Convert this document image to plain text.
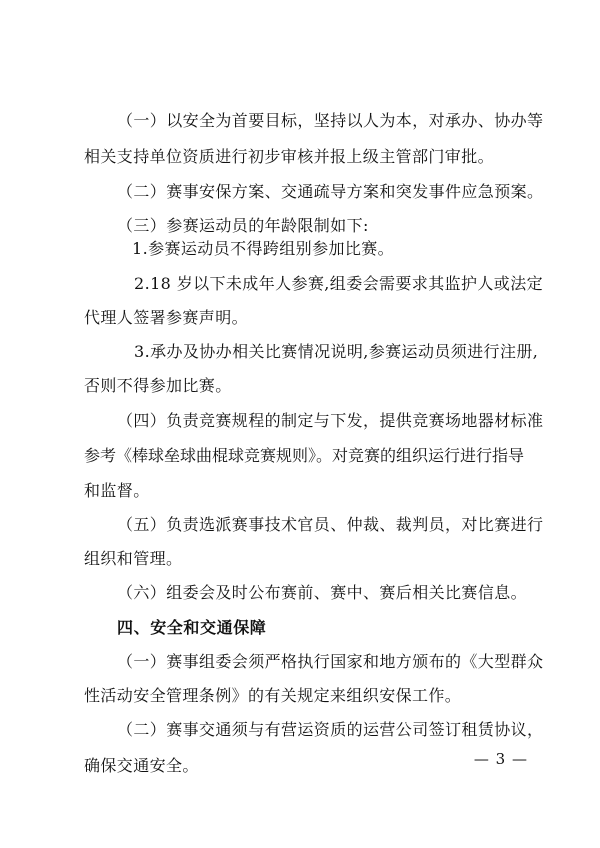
（一）以安全为首要目标，坚持以人为本，对承办、协办等

相关支持单位资质进行初步审核并报上级主管部门审批。

（二）赛事安保方案、交通疏导方案和突发事件应急预案。

（三）参赛运动员的年龄限制如下:

1.参赛运动员不得跨组别参加比赛。

2.18 岁以下未成年人参赛,组委会需要求其监护人或法定

代理人签署参赛声明。

3.承办及协办相关比赛情况说明,参赛运动员须进行注册,

否则不得参加比赛。

（四）负责竞赛规程的制定与下发，提供竞赛场地器材标准

参考《棒球垒球曲棍球竞赛规则》。对竞赛的组织运行进行指导

和监督。

（五）负责选派赛事技术官员、仲裁、裁判员，对比赛进行

组织和管理。

（六）组委会及时公布赛前、赛中、赛后相关比赛信息。

四、安全和交通保障

（一）赛事组委会须严格执行国家和地方颁布的《大型群众

性活动安全管理条例》的有关规定来组织安保工作。

（二）赛事交通须与有营运资质的运营公司签订租赁协议，

确保交通安全。	— 3 —
